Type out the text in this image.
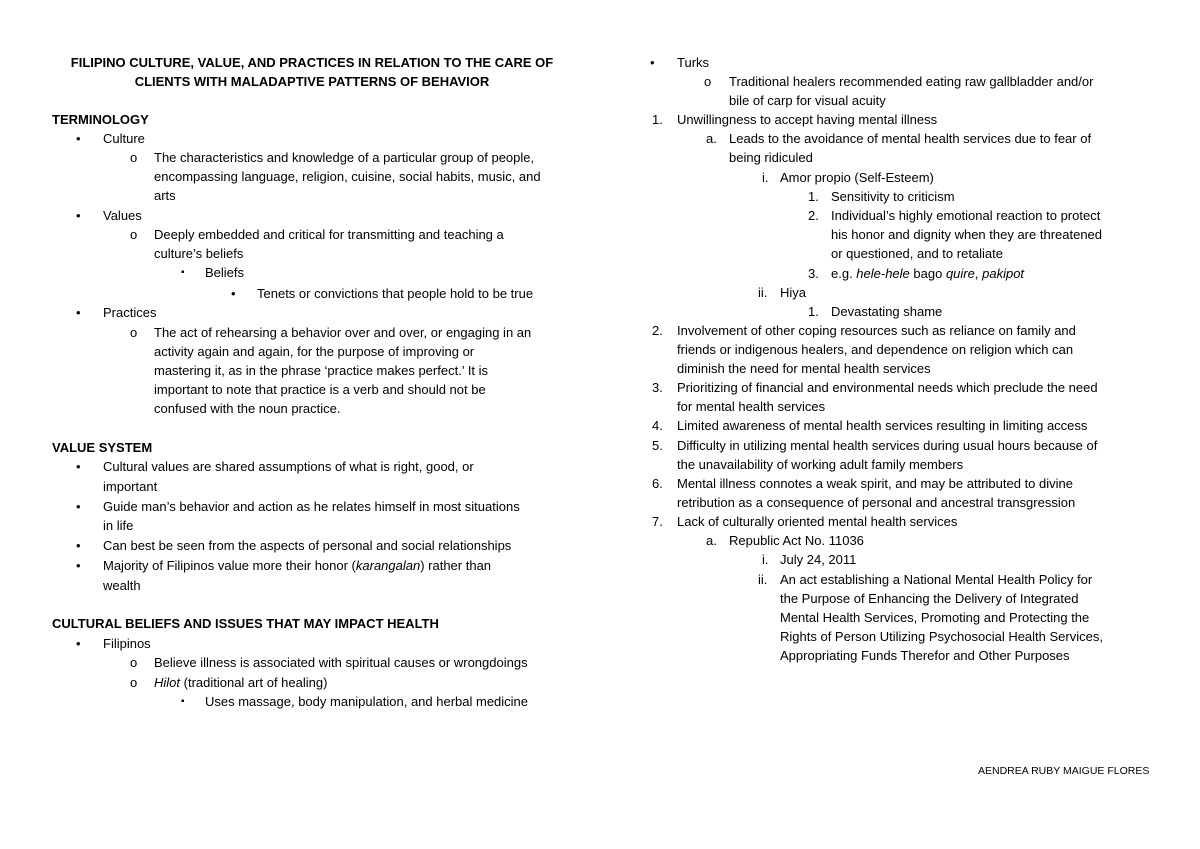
FILIPINO CULTURE, VALUE, AND PRACTICES IN RELATION TO THE CARE OF
CLIENTS WITH MALADAPTIVE PATTERNS OF BEHAVIOR
TERMINOLOGY
• Culture
o The characteristics and knowledge of a particular group of people,
encompassing language, religion, cuisine, social habits, music, and
arts
• Values
o Deeply embedded and critical for transmitting and teaching a
culture’s beliefs
▪ Beliefs
• Tenets or convictions that people hold to be true
• Practices
o The act of rehearsing a behavior over and over, or engaging in an
activity again and again, for the purpose of improving or
mastering it, as in the phrase ‘practice makes perfect.’ It is
important to note that practice is a verb and should not be
confused with the noun practice.
VALUE SYSTEM
• Cultural values are shared assumptions of what is right, good, or
important
• Guide man’s behavior and action as he relates himself in most situations
in life
• Can best be seen from the aspects of personal and social relationships
• Majority of Filipinos value more their honor (karangalan) rather than
wealth
CULTURAL BELIEFS AND ISSUES THAT MAY IMPACT HEALTH
• Filipinos
o Believe illness is associated with spiritual causes or wrongdoings
o Hilot (traditional art of healing)
▪ Uses massage, body manipulation, and herbal medicine
• Turks
o Traditional healers recommended eating raw gallbladder and/or
bile of carp for visual acuity
1. Unwillingness to accept having mental illness
a. Leads to the avoidance of mental health services due to fear of
being ridiculed
i. Amor propio (Self-Esteem)
1. Sensitivity to criticism
2. Individual’s highly emotional reaction to protect
his honor and dignity when they are threatened
or questioned, and to retaliate
3. e.g. hele-hele bago quire, pakipot
ii. Hiya
1. Devastating shame
2. Involvement of other coping resources such as reliance on family and
friends or indigenous healers, and dependence on religion which can
diminish the need for mental health services
3. Prioritizing of financial and environmental needs which preclude the need
for mental health services
4. Limited awareness of mental health services resulting in limiting access
5. Difficulty in utilizing mental health services during usual hours because of
the unavailability of working adult family members
6. Mental illness connotes a weak spirit, and may be attributed to divine
retribution as a consequence of personal and ancestral transgression
7. Lack of culturally oriented mental health services
a. Republic Act No. 11036
i. July 24, 2011
ii. An act establishing a National Mental Health Policy for
the Purpose of Enhancing the Delivery of Integrated
Mental Health Services, Promoting and Protecting the
Rights of Person Utilizing Psychosocial Health Services,
Appropriating Funds Therefor and Other Purposes
AENDREA RUBY MAIGUE FLORES
